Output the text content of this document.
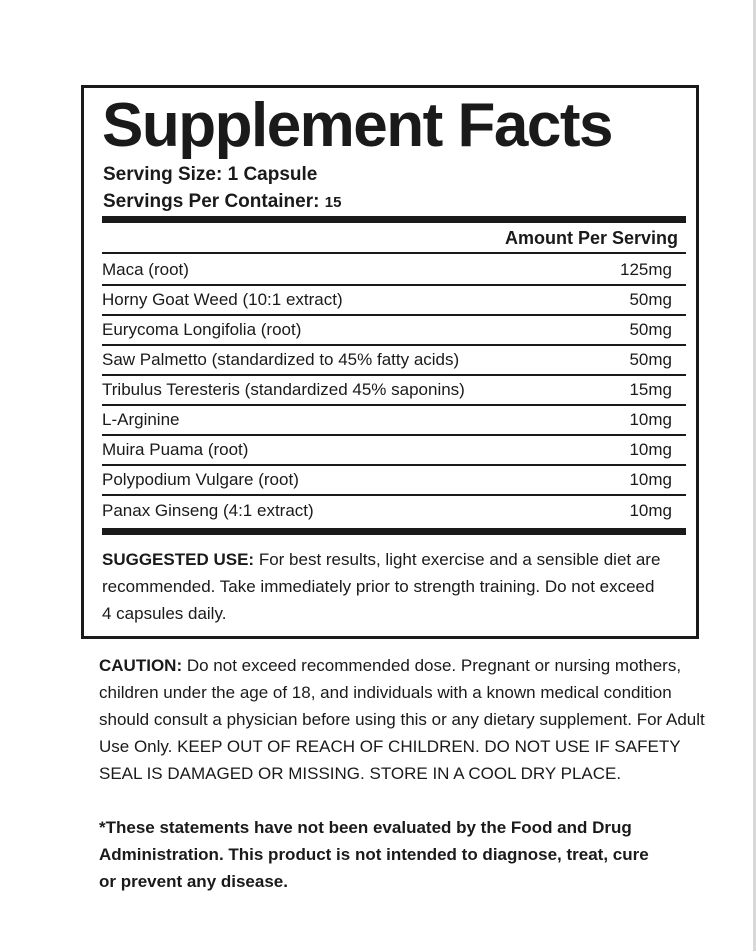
Supplement Facts
Serving Size: 1 Capsule
Servings Per Container: 15
Amount Per Serving
Maca (root)	125mg
Horny Goat Weed (10:1 extract)	50mg
Eurycoma Longifolia (root)	50mg
Saw Palmetto (standardized to 45% fatty acids)	50mg
Tribulus Teresteris (standardized 45% saponins)	15mg
L-Arginine	10mg
Muira Puama (root)	10mg
Polypodium Vulgare (root)	10mg
Panax Ginseng (4:1 extract)	10mg
SUGGESTED USE: For best results, light exercise and a sensible diet are recommended. Take immediately prior to strength training. Do not exceed 4 capsules daily.
CAUTION: Do not exceed recommended dose. Pregnant or nursing mothers, children under the age of 18, and individuals with a known medical condition should consult a physician before using this or any dietary supplement. For Adult Use Only. KEEP OUT OF REACH OF CHILDREN. DO NOT USE IF SAFETY SEAL IS DAMAGED OR MISSING. STORE IN A COOL DRY PLACE.
*These statements have not been evaluated by the Food and Drug Administration. This product is not intended to diagnose, treat, cure or prevent any disease.
